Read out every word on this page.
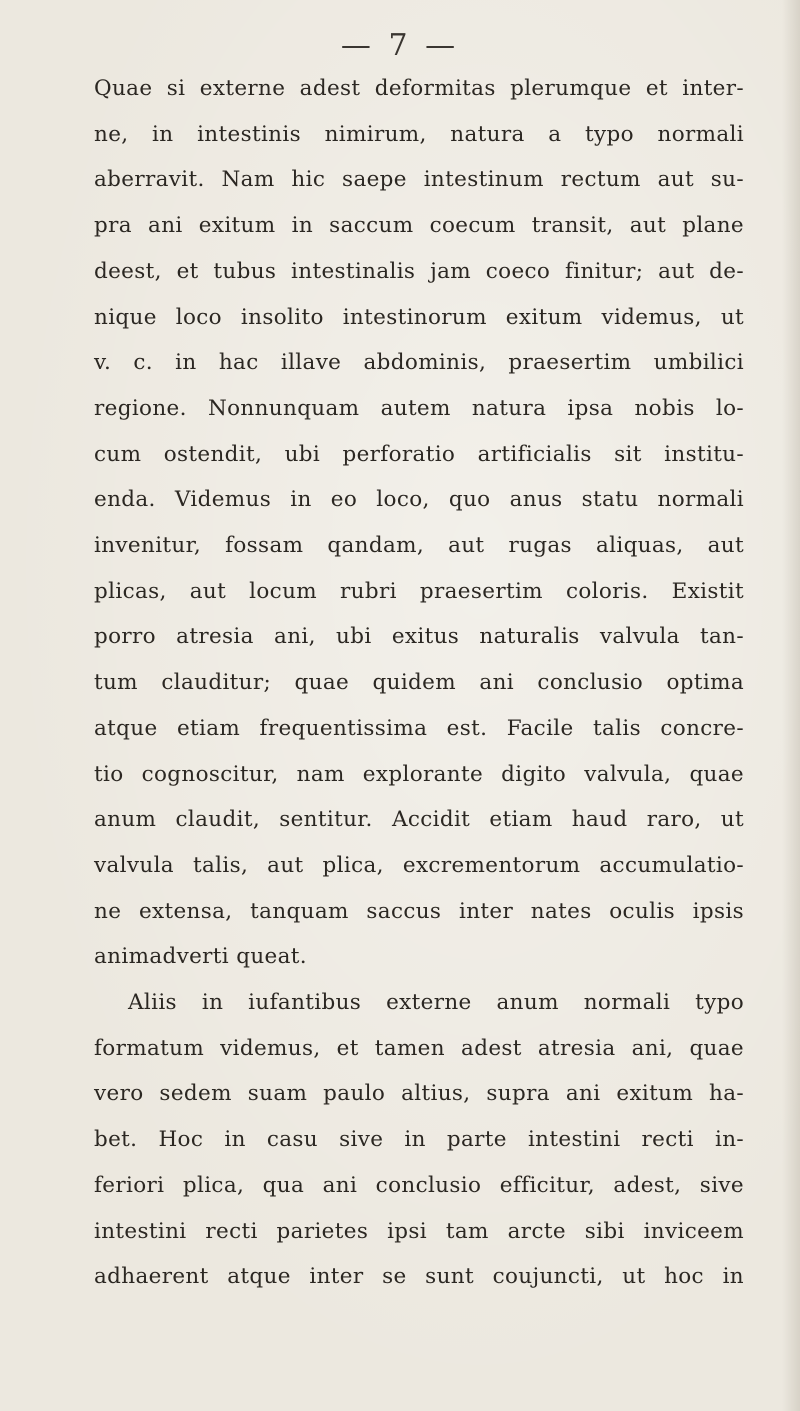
— 7 —
Quae si externe adest deformitas plerumque et inter-
ne, in intestinis nimirum, natura a typo normali
aberravit. Nam hic saepe intestinum rectum aut su-
pra ani exitum in saccum coecum transit, aut plane
deest, et tubus intestinalis jam coeco finitur; aut de-
nique loco insolito intestinorum exitum videmus, ut
v. c. in hac illave abdominis, praesertim umbilici
regione. Nonnunquam autem natura ipsa nobis lo-
cum ostendit, ubi perforatio artificialis sit institu-
enda. Videmus in eo loco, quo anus statu normali
invenitur, fossam qandam, aut rugas aliquas, aut
plicas, aut locum rubri praesertim coloris. Existit
porro atresia ani, ubi exitus naturalis valvula tan-
tum clauditur; quae quidem ani conclusio optima
atque etiam frequentissima est. Facile talis concre-
tio cognoscitur, nam explorante digito valvula, quae
anum claudit, sentitur. Accidit etiam haud raro, ut
valvula talis, aut plica, excrementorum accumulatio-
ne extensa, tanquam saccus inter nates oculis ipsis
animadverti queat.
Aliis in iufantibus externe anum normali typo
formatum videmus, et tamen adest atresia ani, quae
vero sedem suam paulo altius, supra ani exitum ha-
bet. Hoc in casu sive in parte intestini recti in-
feriori plica, qua ani conclusio efficitur, adest, sive
intestini recti parietes ipsi tam arcte sibi inviceem
adhaerent atque inter se sunt coujuncti, ut hoc in
